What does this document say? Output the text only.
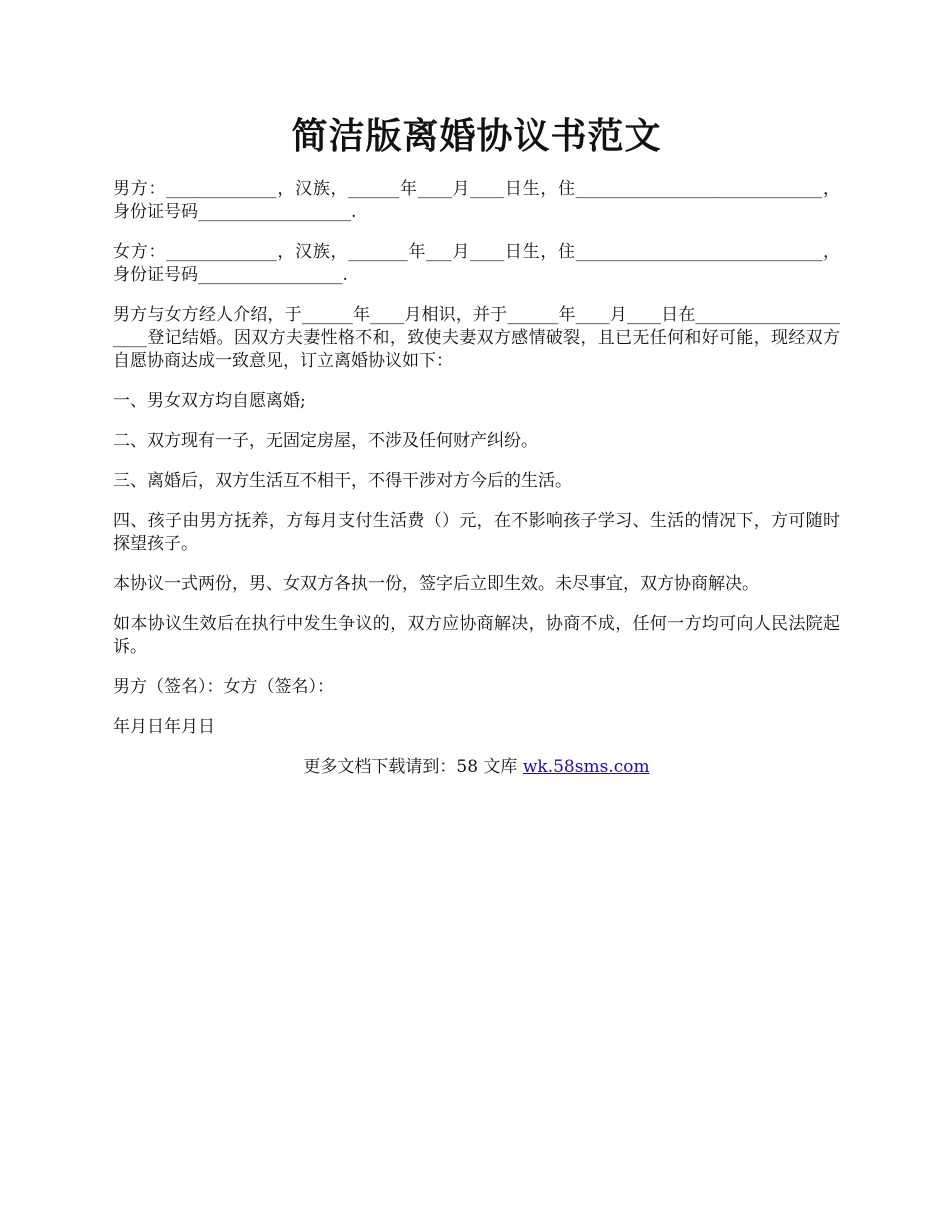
简洁版离婚协议书范文

男方：_____________，汉族，______年____月____日生，住_____________________________，身份证号码__________________.

女方：_____________，汉族，_______年___月____日生，住_____________________________，身份证号码_________________.

男方与女方经人介绍，于______年____月相识，并于______年____月____日在_____________________登记结婚。因双方夫妻性格不和，致使夫妻双方感情破裂，且已无任何和好可能，现经双方自愿协商达成一致意见，订立离婚协议如下：

一、男女双方均自愿离婚;

二、双方现有一子，无固定房屋，不涉及任何财产纠纷。

三、离婚后，双方生活互不相干，不得干涉对方今后的生活。

四、孩子由男方抚养，方每月支付生活费（）元，在不影响孩子学习、生活的情况下，方可随时探望孩子。

本协议一式两份，男、女双方各执一份，签字后立即生效。未尽事宜，双方协商解决。

如本协议生效后在执行中发生争议的，双方应协商解决，协商不成，任何一方均可向人民法院起诉。

男方（签名）：女方（签名）：

年月日年月日

更多文档下载请到：58 文库 wk.58sms.com
